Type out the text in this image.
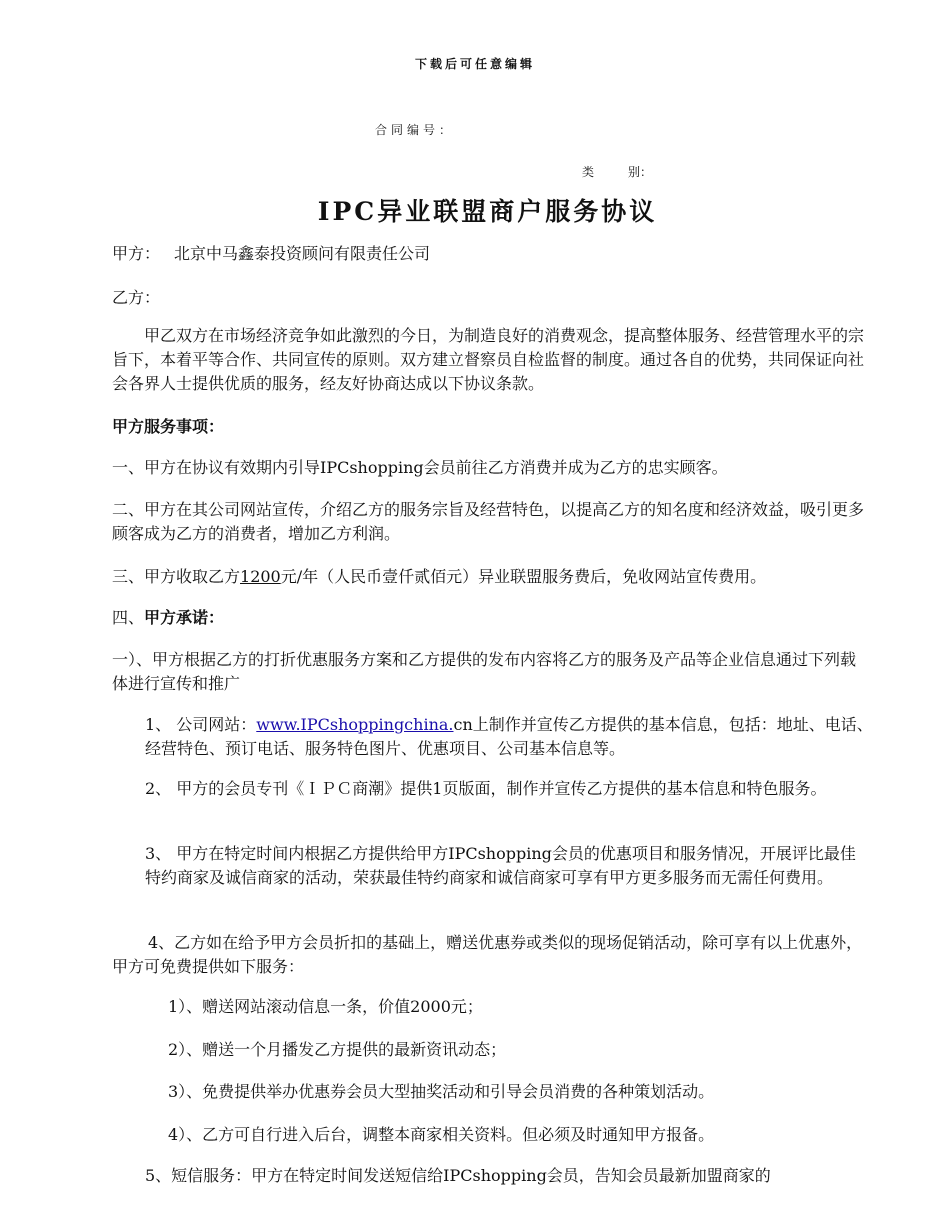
下载后可任意编辑
合同编号：
类	别：
IPC异业联盟商户服务协议
甲方： 北京中马鑫泰投资顾问有限责任公司
乙方：
甲乙双方在市场经济竞争如此激烈的今日，为制造良好的消费观念，提高整体服务、经营管理水平的宗旨下，本着平等合作、共同宣传的原则。双方建立督察员自检监督的制度。通过各自的优势，共同保证向社会各界人士提供优质的服务，经友好协商达成以下协议条款。
甲方服务事项：
一、甲方在协议有效期内引导IPCshopping会员前往乙方消费并成为乙方的忠实顾客。
二、甲方在其公司网站宣传，介绍乙方的服务宗旨及经营特色，以提高乙方的知名度和经济效益，吸引更多顾客成为乙方的消费者，增加乙方利润。
三、甲方收取乙方1200元/年（人民币壹仟贰佰元）异业联盟服务费后，免收网站宣传费用。
四、甲方承诺：
一）、甲方根据乙方的打折优惠服务方案和乙方提供的发布内容将乙方的服务及产品等企业信息通过下列载体进行宣传和推广
1、 公司网站：www.IPCshoppingchina.cn上制作并宣传乙方提供的基本信息，包括：地址、电话、经营特色、预订电话、服务特色图片、优惠项目、公司基本信息等。
2、 甲方的会员专刊《ＩＰＣ商潮》提供1页版面，制作并宣传乙方提供的基本信息和特色服务。
3、 甲方在特定时间内根据乙方提供给甲方IPCshopping会员的优惠项目和服务情况，开展评比最佳特约商家及诚信商家的活动，荣获最佳特约商家和诚信商家可享有甲方更多服务而无需任何费用。
4、乙方如在给予甲方会员折扣的基础上，赠送优惠券或类似的现场促销活动，除可享有以上优惠外，甲方可免费提供如下服务：
1）、赠送网站滚动信息一条，价值2000元；
2）、赠送一个月播发乙方提供的最新资讯动态；
3）、免费提供举办优惠券会员大型抽奖活动和引导会员消费的各种策划活动。
4）、乙方可自行进入后台，调整本商家相关资料。但必须及时通知甲方报备。
5、短信服务：甲方在特定时间发送短信给IPCshopping会员，告知会员最新加盟商家的
